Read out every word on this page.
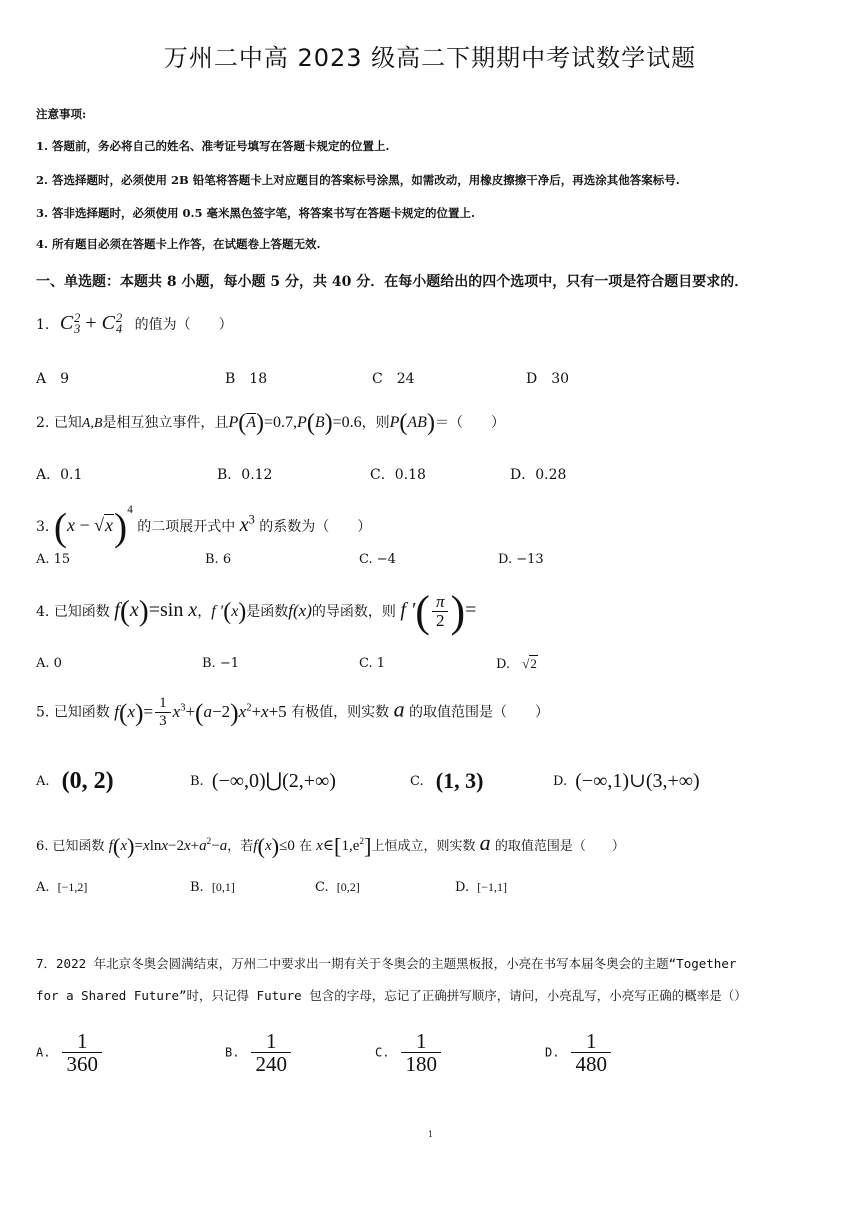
万州二中高 2023 级高二下期期中考试数学试题
注意事项:
1. 答题前，务必将自己的姓名、准考证号填写在答题卡规定的位置上.
2. 答选择题时，必须使用 2B 铅笔将答题卡上对应题目的答案标号涂黑，如需改动，用橡皮擦擦干净后，再选涂其他答案标号.
3. 答非选择题时，必须使用 0.5 毫米黑色签字笔，将答案书写在答题卡规定的位置上.
4. 所有题目必须在答题卡上作答，在试题卷上答题无效.
一、单选题：本题共 8 小题，每小题 5 分，共 40 分．在每小题给出的四个选项中，只有一项是符合题目要求的．
1. C 2
3 + C 2
4 的值为（　　）
A　9	B　18	C　24	D　30
2. 已知A,B是相互独立事件，且$P(\overline{A})=0.7,P(B)=0.6$，则P(AB)＝（　　）
A．0.1	B．0.12	C．0.18	D．0.28
3. $(x - √x)^4$ 的二项展开式中 $x^3$ 的系数为（　　）
A. 15	B. 6	C. −4	D. −13
4. 已知函数 f(x)=sin x，f ′(x)是函数f(x)的导函数，则 f ′( $\frac{\pi}{2}$ )=
A. 0	B. −1	C. 1	D. √2
5. 已知函数 $f(x)= \frac{1}{3} x^3+(a-2)x^2+x+5$ 有极值，则实数 a 的取值范围是（　　）
A. (0, 2)	B. (−∞,0)⋃(2,+∞)	C. (1, 3)	D. (−∞,1)∪(3,+∞)
6. 已知函数 $f(x)=xlnx-2x+a^2-a$，若f(x)≤0 在 $x\in[1,e^2]$上恒成立，则实数 a 的取值范围是（　　）
A. [−1,2]	B. [0,1]	C. [0,2]	D. [−1,1]
7．2022 年北京冬奥会圆满结束，万州二中要求出一期有关于冬奥会的主题黑板报，小亮在书写本届冬奥会的主题“Together
for a Shared Future”时，只记得 Future 包含的字母，忘记了正确拼写顺序，请问，小亮乱写，小亮写正确的概率是（）
A. $\frac{1}{360}$	B. $\frac{1}{240}$	C. $\frac{1}{180}$	D. $\frac{1}{480}$
1
